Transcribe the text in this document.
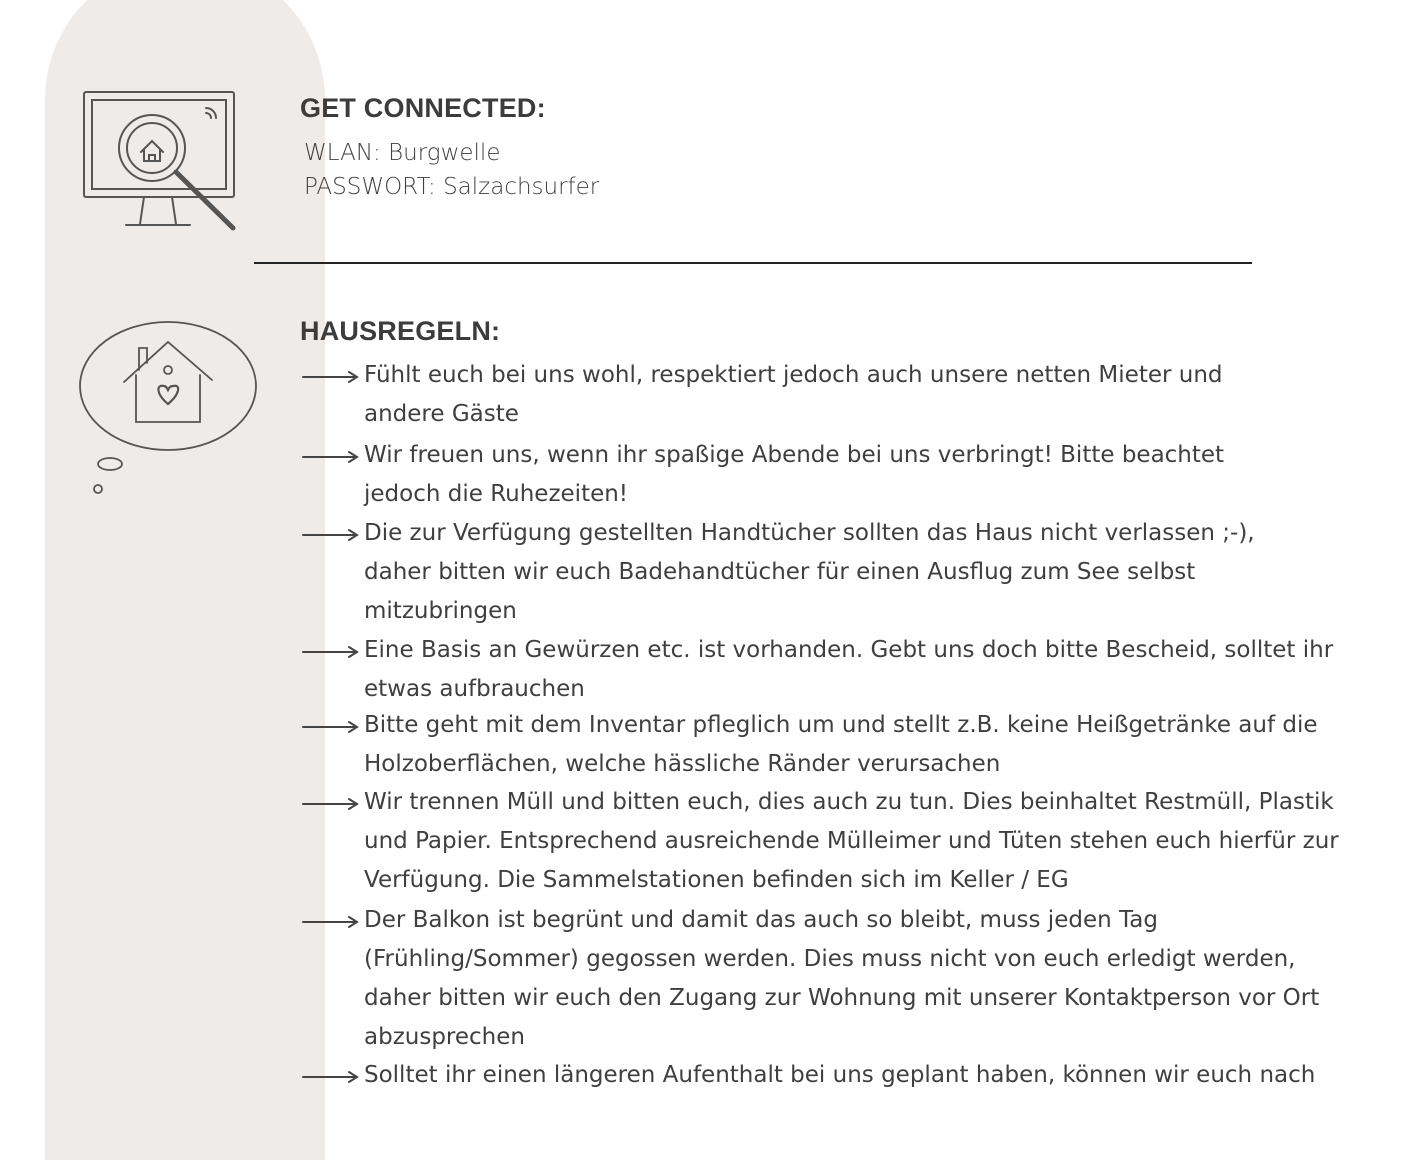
GET CONNECTED:
WLAN: Burgwelle
PASSWORT: Salzachsurfer
HAUSREGELN:

Fühlt euch bei uns wohl, respektiert jedoch auch unsere netten Mieter und andere Gäste

Wir freuen uns, wenn ihr spaßige Abende bei uns verbringt! Bitte beachtet jedoch die Ruhezeiten!

Die zur Verfügung gestellten Handtücher sollten das Haus nicht verlassen ;-), daher bitten wir euch Badehandtücher für einen Ausflug zum See selbst mitzubringen

Eine Basis an Gewürzen etc. ist vorhanden. Gebt uns doch bitte Bescheid, solltet ihr etwas aufbrauchen

Bitte geht mit dem Inventar pfleglich um und stellt z.B. keine Heißgetränke auf die Holzoberflächen, welche hässliche Ränder verursachen

Wir trennen Müll und bitten euch, dies auch zu tun. Dies beinhaltet Restmüll, Plastik und Papier. Entsprechend ausreichende Mülleimer und Tüten stehen euch hierfür zur Verfügung. Die Sammelstationen befinden sich im Keller / EG

Der Balkon ist begrünt und damit das auch so bleibt, muss jeden Tag (Frühling/Sommer) gegossen werden. Dies muss nicht von euch erledigt werden, daher bitten wir euch den Zugang zur Wohnung mit unserer Kontaktperson vor Ort abzusprechen

Solltet ihr einen längeren Aufenthalt bei uns geplant haben, können wir euch nach
